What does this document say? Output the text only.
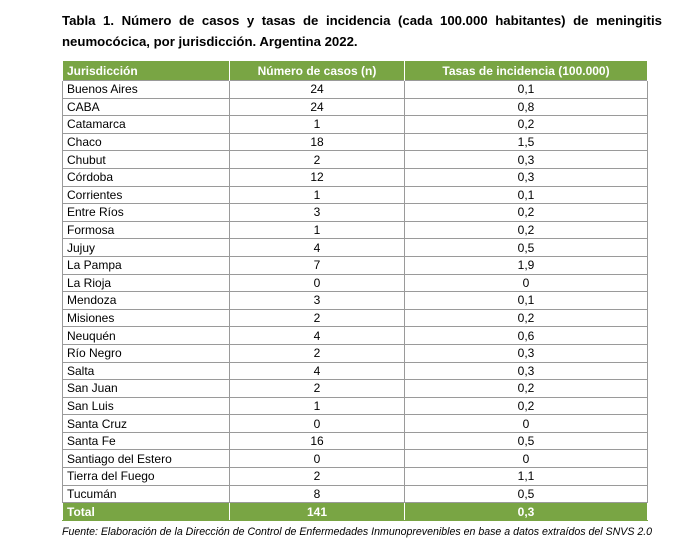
Tabla 1. Número de casos y tasas de incidencia (cada 100.000 habitantes) de meningitis
neumocócica, por jurisdicción. Argentina 2022.
Jurisdicción	Número de casos (n)	Tasas de incidencia (100.000)
Buenos Aires	24	0,1
CABA	24	0,8
Catamarca	1	0,2
Chaco	18	1,5
Chubut	2	0,3
Córdoba	12	0,3
Corrientes	1	0,1
Entre Ríos	3	0,2
Formosa	1	0,2
Jujuy	4	0,5
La Pampa	7	1,9
La Rioja	0	0
Mendoza	3	0,1
Misiones	2	0,2
Neuquén	4	0,6
Río Negro	2	0,3
Salta	4	0,3
San Juan	2	0,2
San Luis	1	0,2
Santa Cruz	0	0
Santa Fe	16	0,5
Santiago del Estero	0	0
Tierra del Fuego	2	1,1
Tucumán	8	0,5
Total	141	0,3
Fuente: Elaboración de la Dirección de Control de Enfermedades Inmunoprevenibles en base a datos extraídos del SNVS 2.0
